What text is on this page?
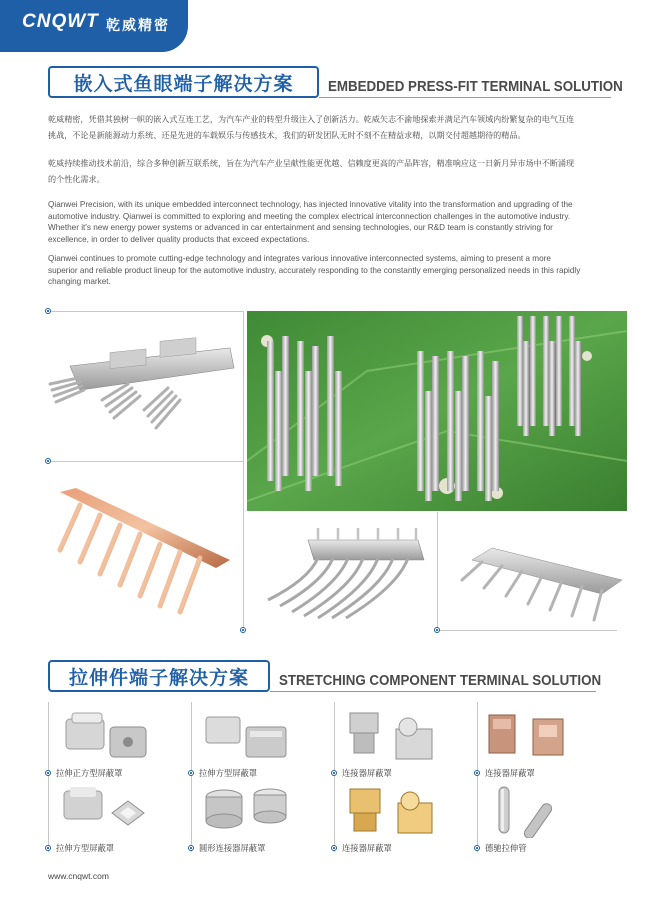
CNQWT 乾威精密
嵌入式鱼眼端子解决方案 EMBEDDED PRESS-FIT TERMINAL SOLUTION
乾威精密，凭借其独树一帜的嵌入式互连工艺，为汽车产业的转型升级注入了创新活力。乾威矢志不渝地探索并满足汽车领域内纷繁复杂的电气互连
挑战，不论是新能源动力系统、还是先进的车载娱乐与传感技术，我们的研发团队无时不刻不在精益求精，以期交付超越期待的精品。
乾威持续推动技术前沿，综合多种创新互联系统，旨在为汽车产业呈献性能更优越、信赖度更高的产品阵容，精准响应这一日新月异市场中不断涌现
的个性化需求。
Qianwei Precision, with its unique embedded interconnect technology, has injected innovative vitality into the transformation and upgrading of the
automotive industry. Qianwei is committed to exploring and meeting the complex electrical interconnection challenges in the automotive industry.
Whether it's new energy power systems or advanced in car entertainment and sensing technologies, our R&D team is constantly striving for
excellence, in order to deliver quality products that exceed expectations.
Qianwei continues to promote cutting-edge technology and integrates various innovative interconnected systems, aiming to present a more
superior and reliable product lineup for the automotive industry, accurately responding to the constantly emerging personalized needs in this rapidly
changing market.
拉伸件端子解决方案 STRETCHING COMPONENT TERMINAL SOLUTION
拉伸正方型屏蔽罩	拉伸方型屏蔽罩	连接器屏蔽罩	连接器屏蔽罩
拉伸方型屏蔽罩	圆形连接器屏蔽罩	连接器屏蔽罩	德驰拉伸管
www.cnqwt.com
